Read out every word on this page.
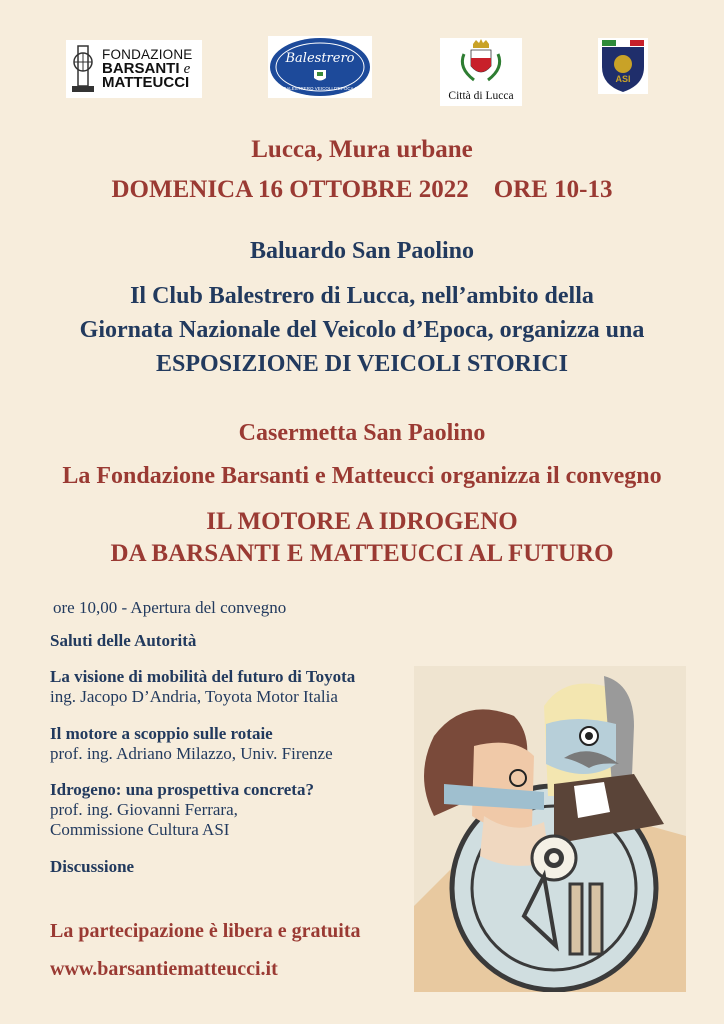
FONDAZIONE
BARSANTI e
MATTEUCCI
Balestrero
CLUB BALESTRERO VEICOLI D'EPOCA LUCCA
Città di Lucca
ASI
Lucca, Mura urbane
DOMENICA 16 OTTOBRE 2022    ORE 10-13
Baluardo San Paolino
Il Club Balestrero di Lucca, nell’ambito della
Giornata Nazionale del Veicolo d’Epoca, organizza una
ESPOSIZIONE DI VEICOLI STORICI
Casermetta San Paolino
La Fondazione Barsanti e Matteucci organizza il convegno
IL MOTORE A IDROGENO
DA BARSANTI E MATTEUCCI AL FUTURO
ore 10,00 - Apertura del convegno
Saluti delle Autorità
La visione di mobilità del futuro di Toyota
ing. Jacopo D’Andria, Toyota Motor Italia
Il motore a scoppio sulle rotaie
prof. ing. Adriano Milazzo, Univ. Firenze
Idrogeno: una prospettiva concreta?
prof. ing. Giovanni Ferrara,
Commissione Cultura ASI
Discussione
La partecipazione è libera e gratuita
www.barsantiematteucci.it
